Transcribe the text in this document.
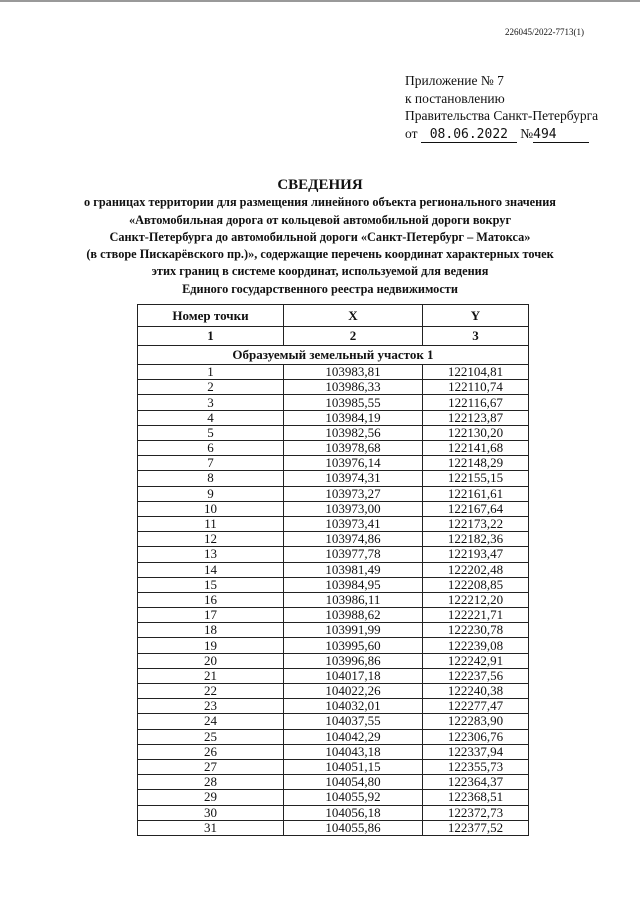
226045/2022-7713(1)
Приложение № 7
к постановлению
Правительства Санкт-Петербурга
от 08.06.2022 №494
СВЕДЕНИЯ
о границах территории для размещения линейного объекта регионального значения
«Автомобильная дорога от кольцевой автомобильной дороги вокруг
Санкт-Петербурга до автомобильной дороги «Санкт-Петербург – Матокса»
(в створе Пискарёвского пр.)», содержащие перечень координат характерных точек
этих границ в системе координат, используемой для ведения
Единого государственного реестра недвижимости
Номер точки	X	Y
1	2	3
Образуемый земельный участок 1		
1	103983,81	122104,81
2	103986,33	122110,74
3	103985,55	122116,67
4	103984,19	122123,87
5	103982,56	122130,20
6	103978,68	122141,68
7	103976,14	122148,29
8	103974,31	122155,15
9	103973,27	122161,61
10	103973,00	122167,64
11	103973,41	122173,22
12	103974,86	122182,36
13	103977,78	122193,47
14	103981,49	122202,48
15	103984,95	122208,85
16	103986,11	122212,20
17	103988,62	122221,71
18	103991,99	122230,78
19	103995,60	122239,08
20	103996,86	122242,91
21	104017,18	122237,56
22	104022,26	122240,38
23	104032,01	122277,47
24	104037,55	122283,90
25	104042,29	122306,76
26	104043,18	122337,94
27	104051,15	122355,73
28	104054,80	122364,37
29	104055,92	122368,51
30	104056,18	122372,73
31	104055,86	122377,52
